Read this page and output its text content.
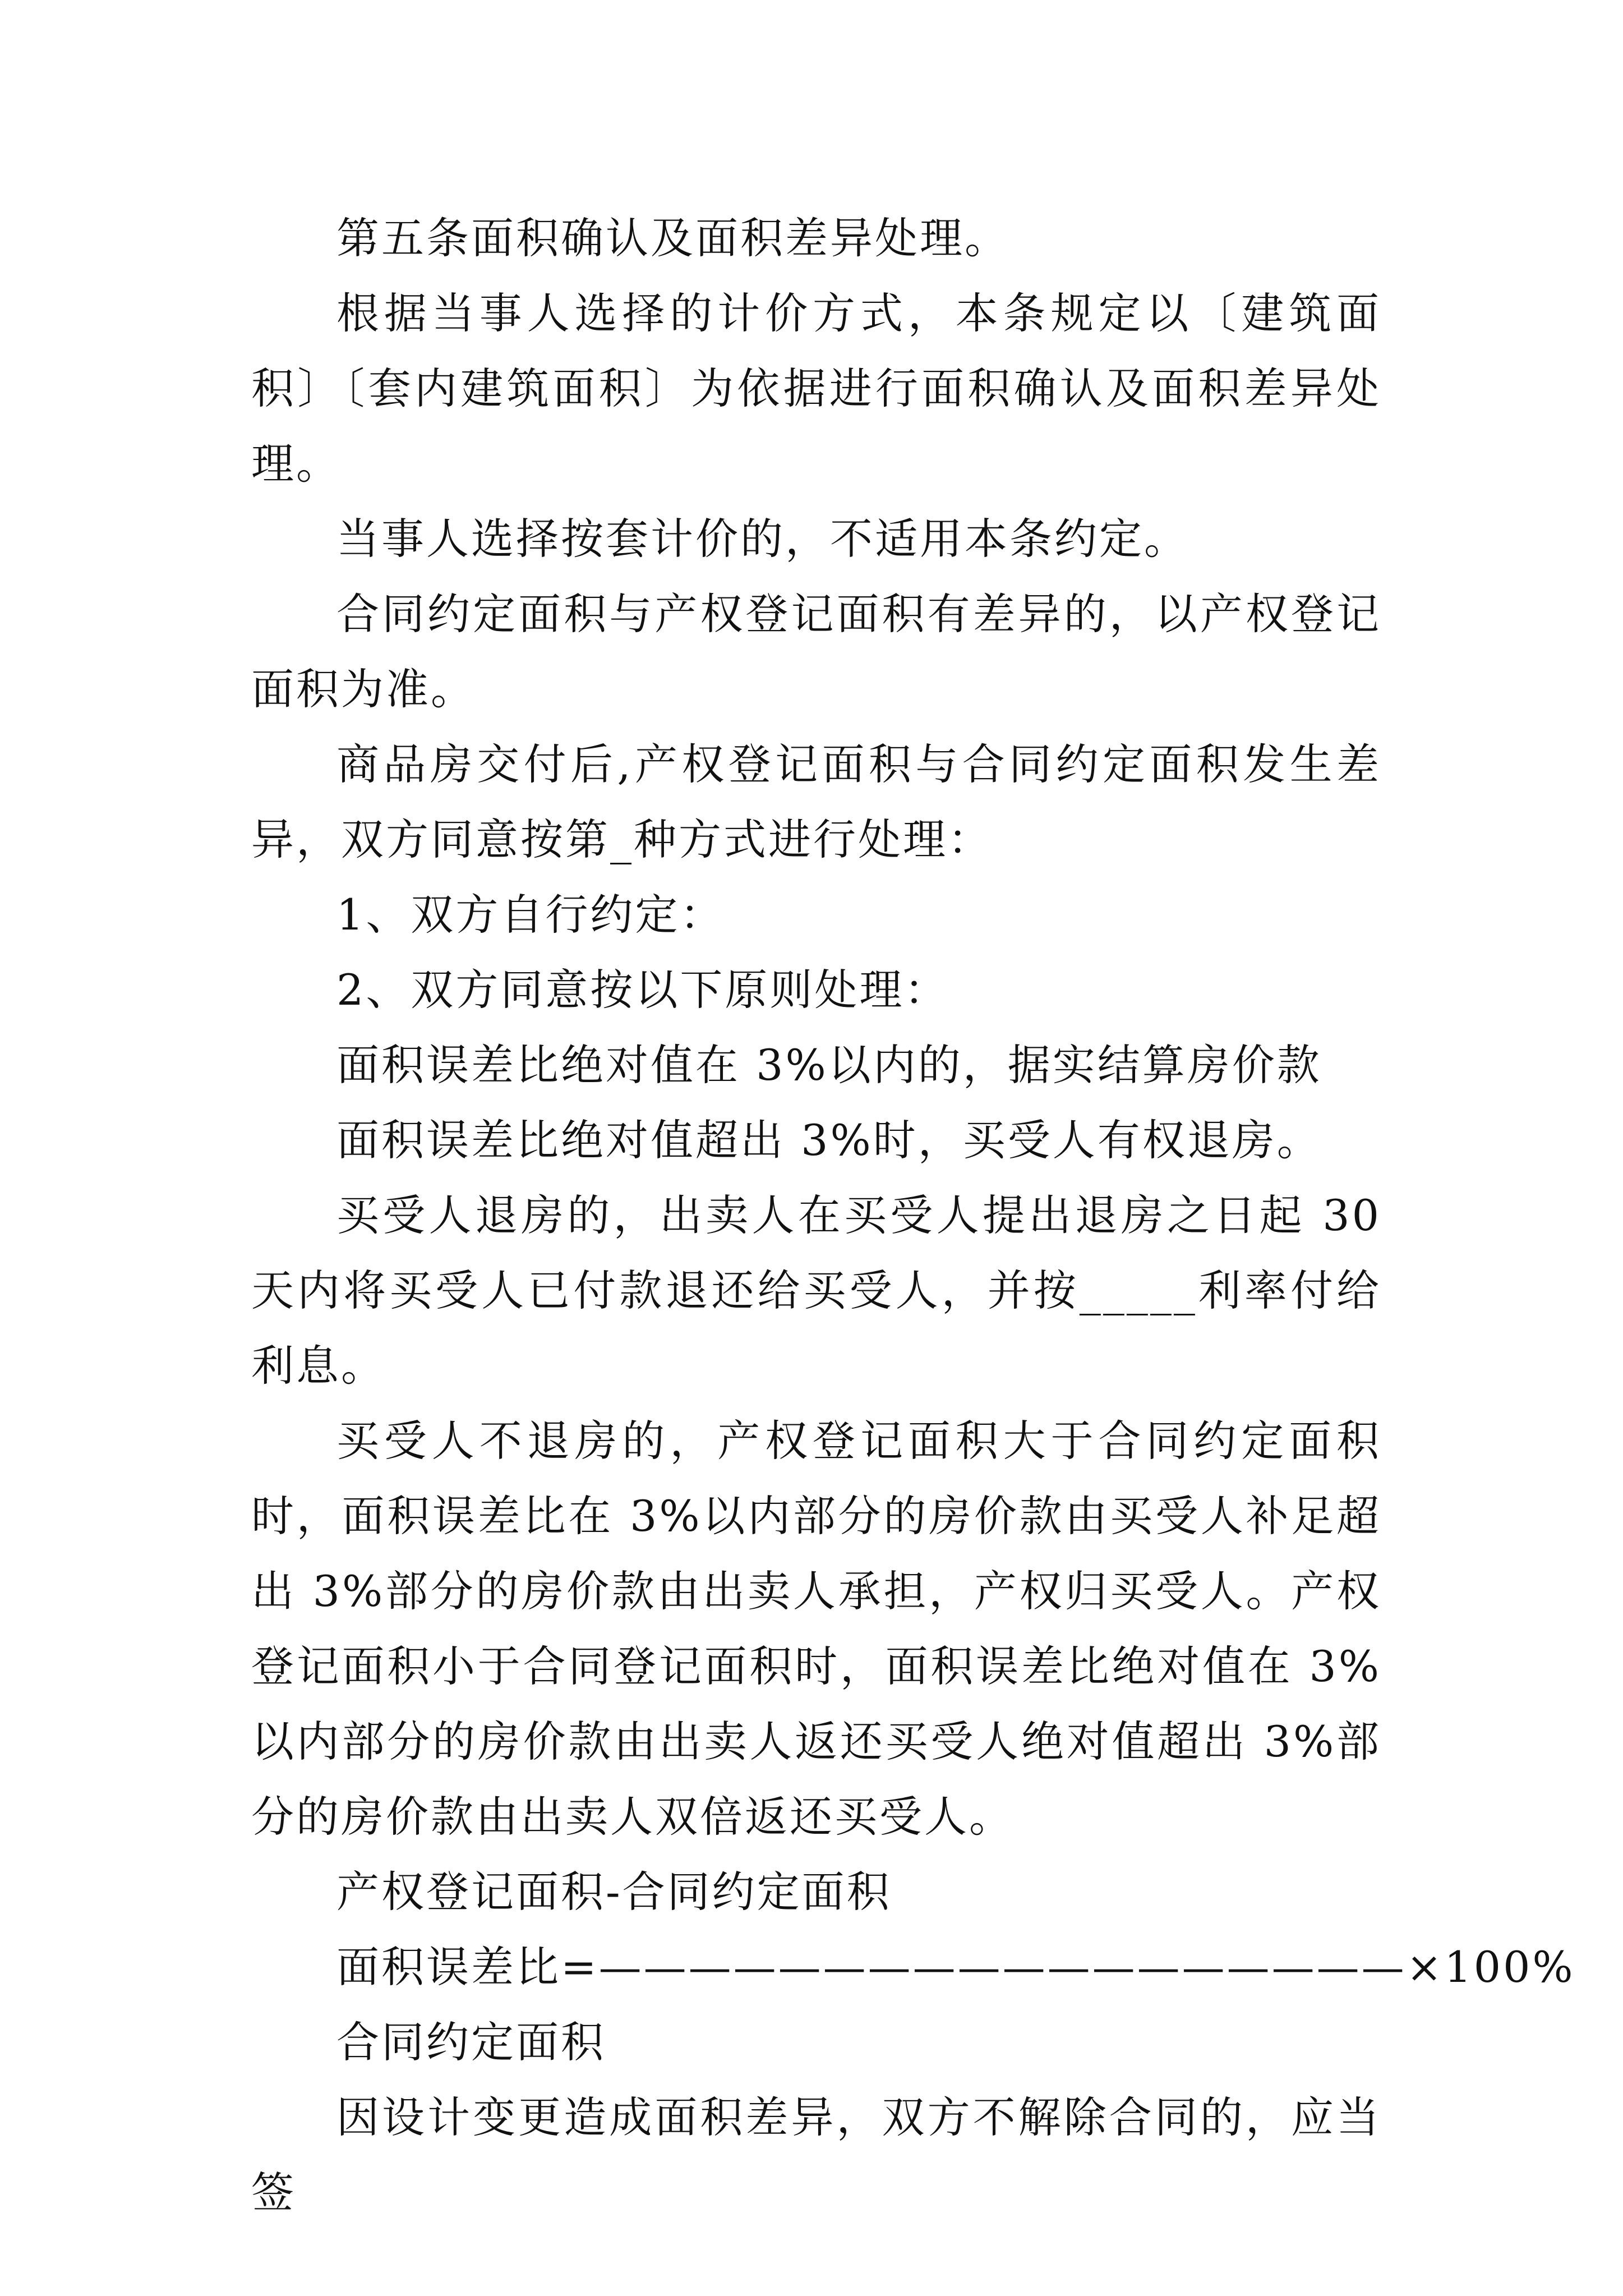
第五条面积确认及面积差异处理。

根据当事人选择的计价方式，本条规定以〔建筑面积〕〔套内建筑面积〕为依据进行面积确认及面积差异处理。

当事人选择按套计价的，不适用本条约定。

合同约定面积与产权登记面积有差异的，以产权登记面积为准。

商品房交付后,产权登记面积与合同约定面积发生差异，双方同意按第_种方式进行处理：

1、双方自行约定：

2、双方同意按以下原则处理：

面积误差比绝对值在 3%以内的，据实结算房价款

面积误差比绝对值超出 3%时，买受人有权退房。

买受人退房的，出卖人在买受人提出退房之日起 30 天内将买受人已付款退还给买受人，并按_____利率付给利息。

买受人不退房的，产权登记面积大于合同约定面积时，面积误差比在 3%以内部分的房价款由买受人补足超出 3%部分的房价款由出卖人承担，产权归买受人。产权登记面积小于合同登记面积时，面积误差比绝对值在 3%以内部分的房价款由出卖人返还买受人绝对值超出 3%部分的房价款由出卖人双倍返还买受人。

产权登记面积-合同约定面积

面积误差比=——————————————————×100%

合同约定面积

因设计变更造成面积差异，双方不解除合同的，应当签
